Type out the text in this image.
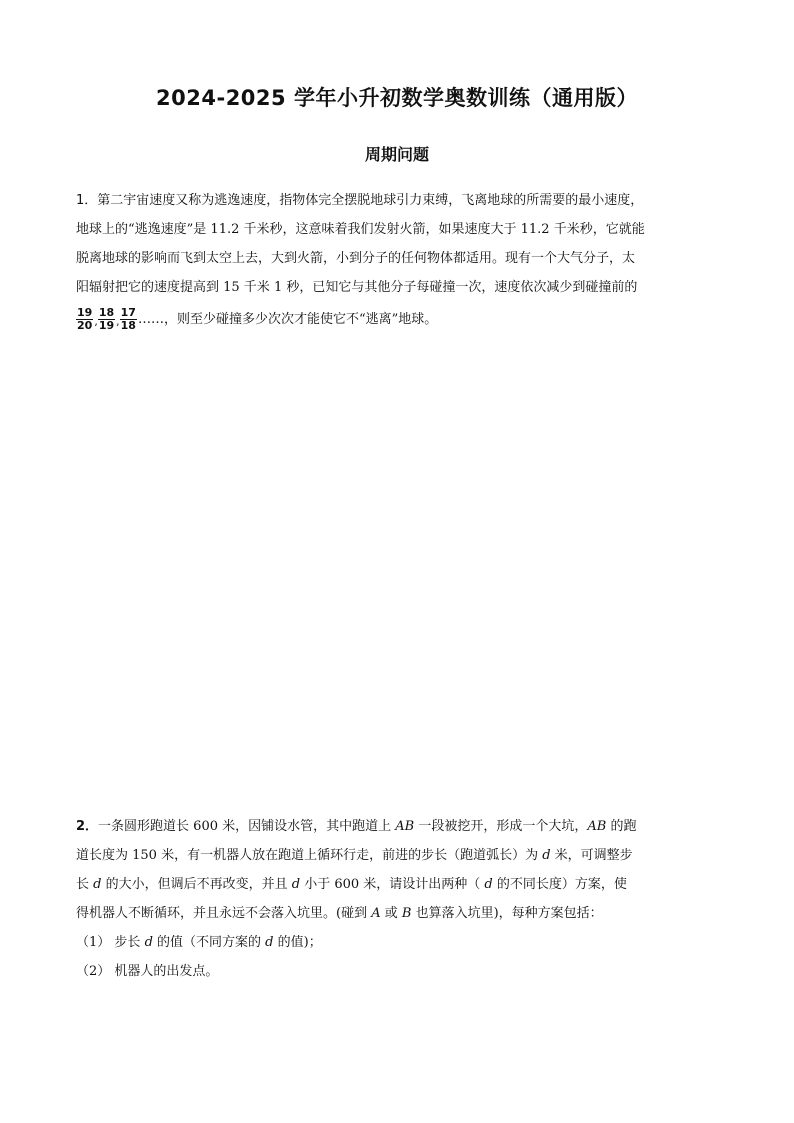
2024-2025 学年小升初数学奥数训练（通用版）
周期问题
1．第二宇宙速度又称为逃逸速度，指物体完全摆脱地球引力束缚，飞离地球的所需要的最小速度，
地球上的“逃逸速度”是 11.2 千米秒，这意味着我们发射火箭，如果速度大于 11.2 千米秒，它就能
脱离地球的影响而飞到太空上去，大到火箭，小到分子的任何物体都适用。现有一个大气分子，太
阳辐射把它的速度提高到 15 千米 1 秒，已知它与其他分子每碰撞一次，速度依次减少到碰撞前的
$\frac{19}{20}$ , $\frac{18}{19}$ , $\frac{17}{18}$ ……，则至少碰撞多少次次才能使它不“逃离”地球。
2．一条圆形跑道长 600 米，因铺设水管，其中跑道上 AB 一段被挖开，形成一个大坑，AB 的跑
道长度为 150 米，有一机器人放在跑道上循环行走，前进的步长（跑道弧长）为 d 米，可调整步
长 d 的大小，但调后不再改变，并且 d 小于 600 米，请设计出两种（ d 的不同长度）方案，使
得机器人不断循环，并且永远不会落入坑里。(碰到 A 或 B 也算落入坑里)，每种方案包括：
（1） 步长 d 的值（不同方案的 d 的值)；
（2） 机器人的出发点。
